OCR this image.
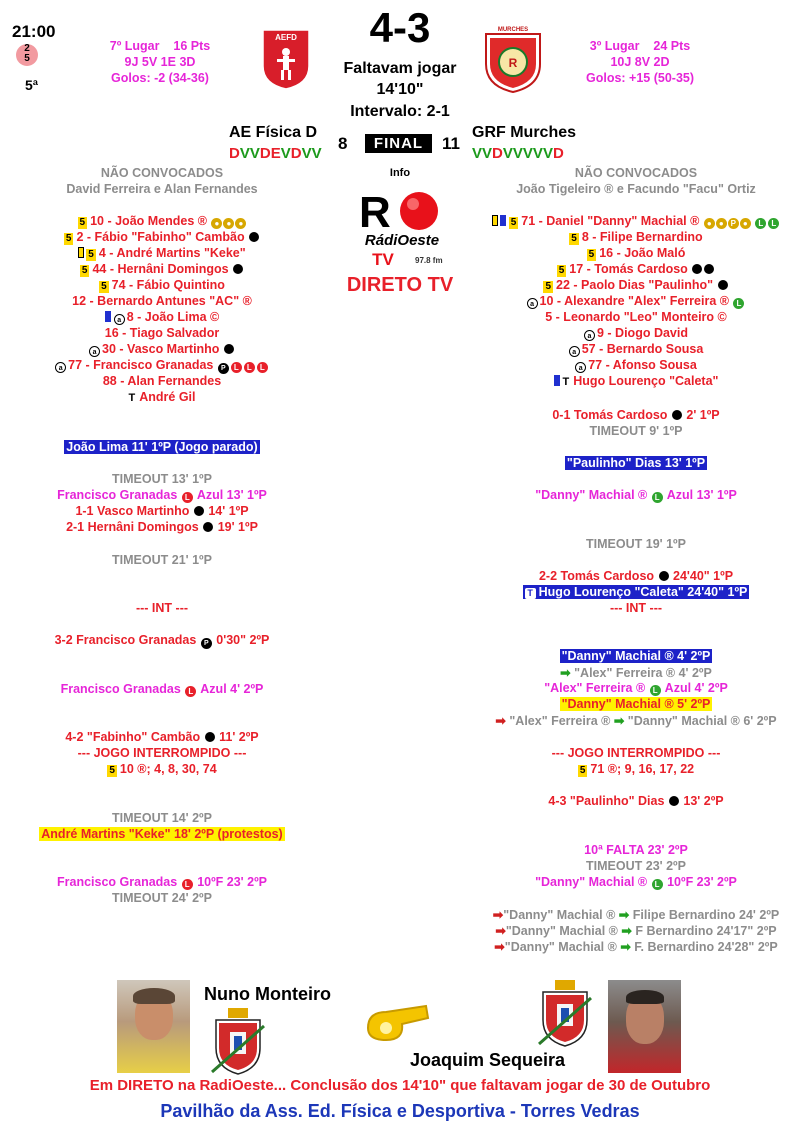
21:00
2
5
5ª
7º Lugar 16 Pts
9J 5V 1E 3D
Golos: -2 (34-36)
AEFD	4-3
Faltavam jogar
14'10"
Intervalo: 2-1
MURCHES
R
3º Lugar 24 Pts
10J 8V 2D
Golos: +15 (50-35)
AE Física D
8	FINAL	11
GRF Murches
DVVDEVDVV	VVDVVVVVD
Info
R
RádiOeste
TV	97.8 fm
DIRETO TV
NÃO CONVOCADOS
David Ferreira e Alan Fernandes
5 10 - João Mendes ® ● ● ●
5 2 - Fábio "Fabinho" Cambão
5 4 - André Martins "Keke"
5 44 - Hernâni Domingos
5 74 - Fábio Quintino
12 - Bernardo Antunes "AC" ®
a 8 - João Lima ©
16 - Tiago Salvador
a 30 - Vasco Martinho
a 77 - Francisco Granadas P L L L
88 - Alan Fernandes
T André Gil
João Lima 11' 1ºP (Jogo parado)
TIMEOUT 13' 1ºP
Francisco Granadas L Azul 13' 1ºP
1-1 Vasco Martinho 14' 1ºP
2-1 Hernâni Domingos 19' 1ºP
TIMEOUT 21' 1ºP
--- INT ---
3-2 Francisco Granadas P 0'30" 2ºP
Francisco Granadas L Azul 4' 2ºP
4-2 "Fabinho" Cambão 11' 2ºP
--- JOGO INTERROMPIDO ---
5 10 ®; 4, 8, 30, 74
TIMEOUT 14' 2ºP
André Martins "Keke" 18' 2ºP (protestos)
Francisco Granadas L 10ºF 23' 2ºP
TIMEOUT 24' 2ºP
NÃO CONVOCADOS
João Tigeleiro ® e Facundo "Facu" Ortiz
5 71 - Daniel "Danny" Machial ® ● ● P ● L L
5 8 - Filipe Bernardino
5 16 - João Maló
5 17 - Tomás Cardoso
5 22 - Paolo Dias "Paulinho"
a 10 - Alexandre "Alex" Ferreira ® L
5 - Leonardo "Leo" Monteiro ©
a 9 - Diogo David
a 57 - Bernardo Sousa
a 77 - Afonso Sousa
T Hugo Lourenço "Caleta"
0-1 Tomás Cardoso 2' 1ºP
TIMEOUT 9' 1ºP
"Paulinho" Dias 13' 1ºP
"Danny" Machial ® L Azul 13' 1ºP
TIMEOUT 19' 1ºP
2-2 Tomás Cardoso 24'40" 1ºP
T Hugo Lourenço "Caleta" 24'40" 1ºP
--- INT ---
"Danny" Machial ® 4' 2ºP
➡ "Alex" Ferreira ® 4' 2ºP
"Alex" Ferreira ® L Azul 4' 2ºP
"Danny" Machial ® 5' 2ºP
➡ "Alex" Ferreira ® ➡ "Danny" Machial ® 6' 2ºP
--- JOGO INTERROMPIDO ---
5 71 ®; 9, 16, 17, 22
4-3 "Paulinho" Dias 13' 2ºP
10ª FALTA 23' 2ºP
TIMEOUT 23' 2ºP
"Danny" Machial ® L 10ºF 23' 2ºP
➡"Danny" Machial ® ➡ Filipe Bernardino 24' 2ºP
➡"Danny" Machial ® ➡ F Bernardino 24'17" 2ºP
➡"Danny" Machial ® ➡ F. Bernardino 24'28" 2ºP
Nuno Monteiro
Joaquim Sequeira
Em DIRETO na RadiOeste... Conclusão dos 14'10" que faltavam jogar de 30 de Outubro
Pavilhão da Ass. Ed. Física e Desportiva - Torres Vedras
